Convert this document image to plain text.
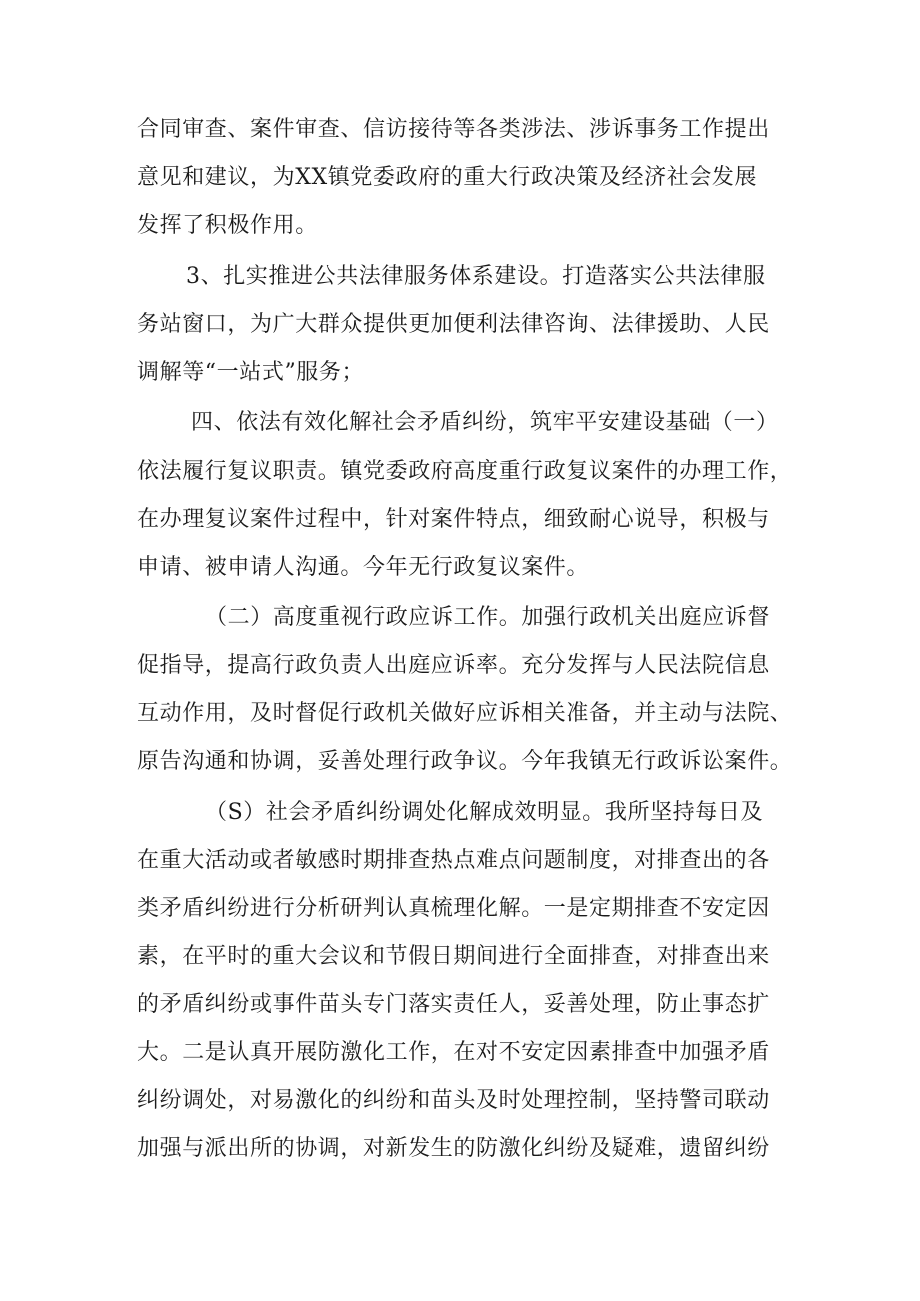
合同审查、案件审查、信访接待等各类涉法、涉诉事务工作提出
意见和建议，为XX镇党委政府的重大行政决策及经济社会发展
发挥了积极作用。
3、扎实推进公共法律服务体系建设。打造落实公共法律服
务站窗口，为广大群众提供更加便利法律咨询、法律援助、人民
调解等“一站式”服务；
四、依法有效化解社会矛盾纠纷，筑牢平安建设基础（一）
依法履行复议职责。镇党委政府高度重行政复议案件的办理工作，
在办理复议案件过程中，针对案件特点，细致耐心说导，积极与
申请、被申请人沟通。今年无行政复议案件。
（二）高度重视行政应诉工作。加强行政机关出庭应诉督
促指导，提高行政负责人出庭应诉率。充分发挥与人民法院信息
互动作用，及时督促行政机关做好应诉相关准备，并主动与法院、
原告沟通和协调，妥善处理行政争议。今年我镇无行政诉讼案件。
（S）社会矛盾纠纷调处化解成效明显。我所坚持每日及
在重大活动或者敏感时期排查热点难点问题制度，对排查出的各
类矛盾纠纷进行分析研判认真梳理化解。一是定期排查不安定因
素，在平时的重大会议和节假日期间进行全面排查，对排查出来
的矛盾纠纷或事件苗头专门落实责任人，妥善处理，防止事态扩
大。二是认真开展防激化工作，在对不安定因素排查中加强矛盾
纠纷调处，对易激化的纠纷和苗头及时处理控制，坚持警司联动
加强与派出所的协调，对新发生的防激化纠纷及疑难，遗留纠纷
